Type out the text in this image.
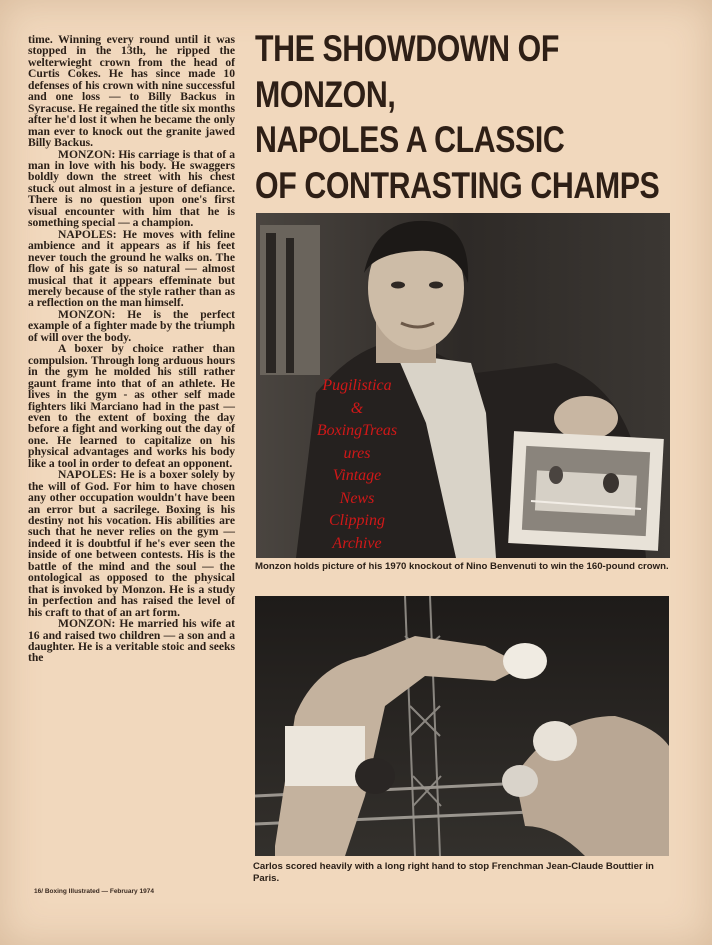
time. Winning every round until it was stopped in the 13th, he ripped the welterwieght crown from the head of Curtis Cokes. He has since made 10 defenses of his crown with nine successful and one loss — to Billy Backus in Syracuse. He regained the title six months after he'd lost it when he became the only man ever to knock out the granite jawed Billy Backus.

MONZON: His carriage is that of a man in love with his body. He swaggers boldly down the street with his chest stuck out almost in a jesture of defiance. There is no question upon one's first visual encounter with him that he is something special — a champion.

NAPOLES: He moves with feline ambience and it appears as if his feet never touch the ground he walks on. The flow of his gate is so natural — almost musical that it appears effeminate but merely because of the style rather than as a reflection on the man himself.

MONZON: He is the perfect example of a fighter made by the triumph of will over the body.

A boxer by choice rather than compulsion. Through long arduous hours in the gym he molded his still rather gaunt frame into that of an athlete. He lives in the gym - as other self made fighters liki Marciano had in the past — even to the extent of boxing the day before a fight and working out the day of one. He learned to capitalize on his physical advantages and works his body like a tool in order to defeat an opponent.

NAPOLES: He is a boxer solely by the will of God. For him to have chosen any other occupation wouldn't have been an error but a sacrilege. Boxing is his destiny not his vocation. His abilities are such that he never relies on the gym — indeed it is doubtful if he's ever seen the inside of one between contests. His is the battle of the mind and the soul — the ontological as opposed to the physical that is invoked by Monzon. He is a study in perfection and has raised the level of his craft to that of an art form.

MONZON: He married his wife at 16 and raised two children — a son and a daughter. He is a veritable stoic and seeks the

THE SHOWDOWN OF
MONZON,
NAPOLES A CLASSIC
OF CONTRASTING CHAMPS
Monzon holds picture of his 1970 knockout of Nino Benvenuti to win the 160-pound crown.
Carlos scored heavily with a long right hand to stop Frenchman Jean-Claude Bouttier in Paris.
Pugilistica
&
BoxingTreas
ures
Vintage
News
Clipping
Archive
16/ Boxing Illustrated — February 1974
